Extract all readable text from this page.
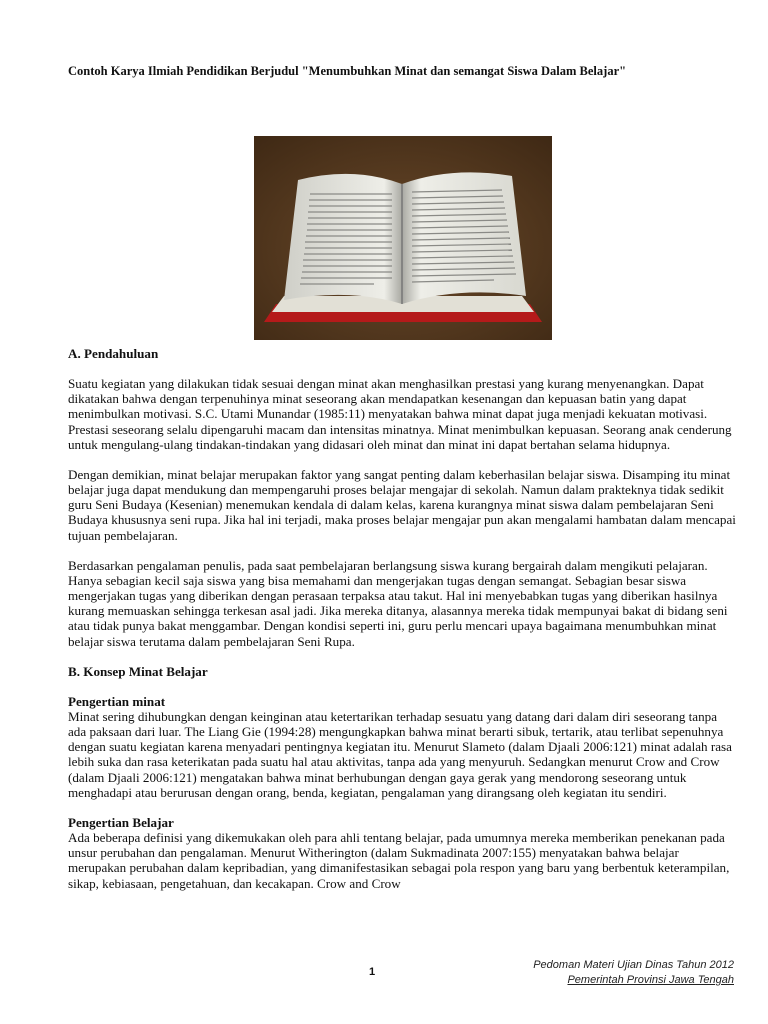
Contoh Karya Ilmiah Pendidikan Berjudul "Menumbuhkan Minat dan semangat Siswa Dalam Belajar"
A. Pendahuluan

Suatu kegiatan yang dilakukan tidak sesuai dengan minat akan menghasilkan prestasi yang kurang menyenangkan. Dapat dikatakan bahwa dengan terpenuhinya minat seseorang akan mendapatkan kesenangan dan kepuasan batin yang dapat menimbulkan motivasi. S.C. Utami Munandar (1985:11) menyatakan bahwa minat dapat juga menjadi kekuatan motivasi. Prestasi seseorang selalu dipengaruhi macam dan intensitas minatnya. Minat menimbulkan kepuasan. Seorang anak cenderung untuk mengulang-ulang tindakan-tindakan yang didasari oleh minat dan minat ini dapat bertahan selama hidupnya.

Dengan demikian, minat belajar merupakan faktor yang sangat penting dalam keberhasilan belajar siswa. Disamping itu minat belajar juga dapat mendukung dan mempengaruhi proses belajar mengajar di sekolah. Namun dalam prakteknya tidak sedikit guru Seni Budaya (Kesenian) menemukan kendala di dalam kelas, karena kurangnya minat siswa dalam pembelajaran Seni Budaya khususnya seni rupa. Jika hal ini terjadi, maka proses belajar mengajar pun akan mengalami hambatan dalam mencapai tujuan pembelajaran.

Berdasarkan pengalaman penulis, pada saat pembelajaran berlangsung siswa kurang bergairah dalam mengikuti pelajaran. Hanya sebagian kecil saja siswa yang bisa memahami dan mengerjakan tugas dengan semangat. Sebagian besar siswa mengerjakan tugas yang diberikan dengan perasaan terpaksa atau takut. Hal ini menyebabkan tugas yang diberikan hasilnya kurang memuaskan sehingga terkesan asal jadi. Jika mereka ditanya, alasannya mereka tidak mempunyai bakat di bidang seni atau tidak punya bakat menggambar. Dengan kondisi seperti ini, guru perlu mencari upaya bagaimana menumbuhkan minat belajar siswa terutama dalam pembelajaran Seni Rupa.

B. Konsep Minat Belajar
Pengertian minat

Minat sering dihubungkan dengan keinginan atau ketertarikan terhadap sesuatu yang datang dari dalam diri seseorang tanpa ada paksaan dari luar. The Liang Gie (1994:28) mengungkapkan bahwa minat berarti sibuk, tertarik, atau terlibat sepenuhnya dengan suatu kegiatan karena menyadari pentingnya kegiatan itu. Menurut Slameto (dalam Djaali 2006:121) minat adalah rasa lebih suka dan rasa keterikatan pada suatu hal atau aktivitas, tanpa ada yang menyuruh. Sedangkan menurut Crow and Crow (dalam Djaali 2006:121) mengatakan bahwa minat berhubungan dengan gaya gerak yang mendorong seseorang untuk menghadapi atau berurusan dengan orang, benda, kegiatan, pengalaman yang dirangsang oleh kegiatan itu sendiri.

Pengertian Belajar

Ada beberapa definisi yang dikemukakan oleh para ahli tentang belajar, pada umumnya mereka memberikan penekanan pada unsur perubahan dan pengalaman. Menurut Witherington (dalam Sukmadinata 2007:155) menyatakan bahwa belajar merupakan perubahan dalam kepribadian, yang dimanifestasikan sebagai pola respon yang baru yang berbentuk keterampilan, sikap, kebiasaan, pengetahuan, dan kecakapan. Crow and Crow

1
Pedoman Materi Ujian Dinas Tahun 2012
Pemerintah Provinsi Jawa Tengah
